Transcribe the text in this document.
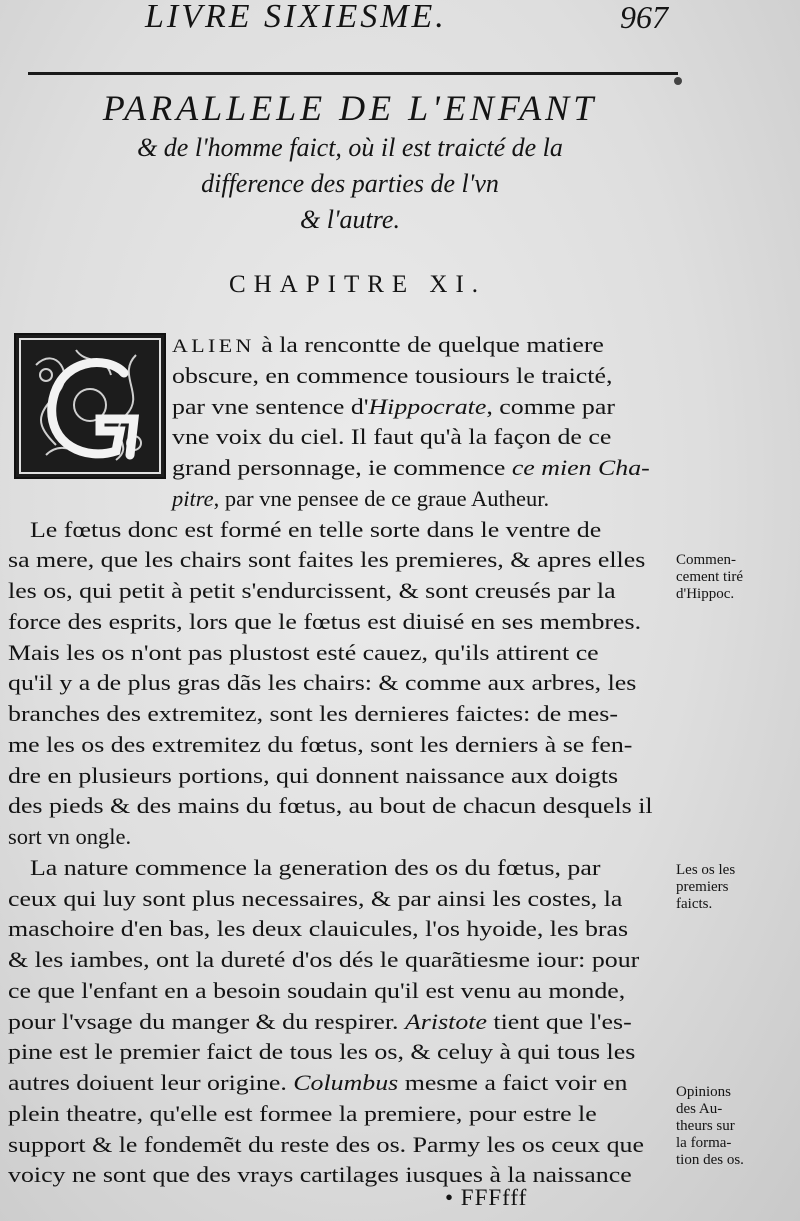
LIVRE SIXIESME.	967
PARALLELE DE L'ENFANT
& de l'homme faict, où il est traicté de la
difference des parties de l'vn
& l'autre.
CHAPITRE XI.
ALIEN à la rencontte de quelque matiere
obscure, en commence tousiours le traicté,
par vne sentence d'Hippocrate, comme par
vne voix du ciel. Il faut qu'à la façon de ce
grand personnage, ie commence ce mien Cha-
pitre, par vne pensee de ce graue Autheur.
Le fœtus donc est formé en telle sorte dans le ventre de
sa mere, que les chairs sont faites les premieres, & apres elles
les os, qui petit à petit s'endurcissent, & sont creusés par la
force des esprits, lors que le fœtus est diuisé en ses membres.
Mais les os n'ont pas plustost esté cauez, qu'ils attirent ce
qu'il y a de plus gras dãs les chairs: & comme aux arbres, les
branches des extremitez, sont les dernieres faictes: de mes-
me les os des extremitez du fœtus, sont les derniers à se fen-
dre en plusieurs portions, qui donnent naissance aux doigts
des pieds & des mains du fœtus, au bout de chacun desquels il
sort vn ongle.
La nature commence la generation des os du fœtus, par
ceux qui luy sont plus necessaires, & par ainsi les costes, la
maschoire d'en bas, les deux clauicules, l'os hyoide, les bras
& les iambes, ont la dureté d'os dés le quarãtiesme iour: pour
ce que l'enfant en a besoin soudain qu'il est venu au monde,
pour l'vsage du manger & du respirer. Aristote tient que l'es-
pine est le premier faict de tous les os, & celuy à qui tous les
autres doiuent leur origine. Columbus mesme a faict voir en
plein theatre, qu'elle est formee la premiere, pour estre le
support & le fondemẽt du reste des os. Parmy les os ceux que
voicy ne sont que des vrays cartilages iusques à la naissance
Commen-
cement tiré
d'Hippoc.
Les os les
premiers
faicts.
Opinions
des Au-
theurs sur
la forma-
tion des os.
• FFFfff
